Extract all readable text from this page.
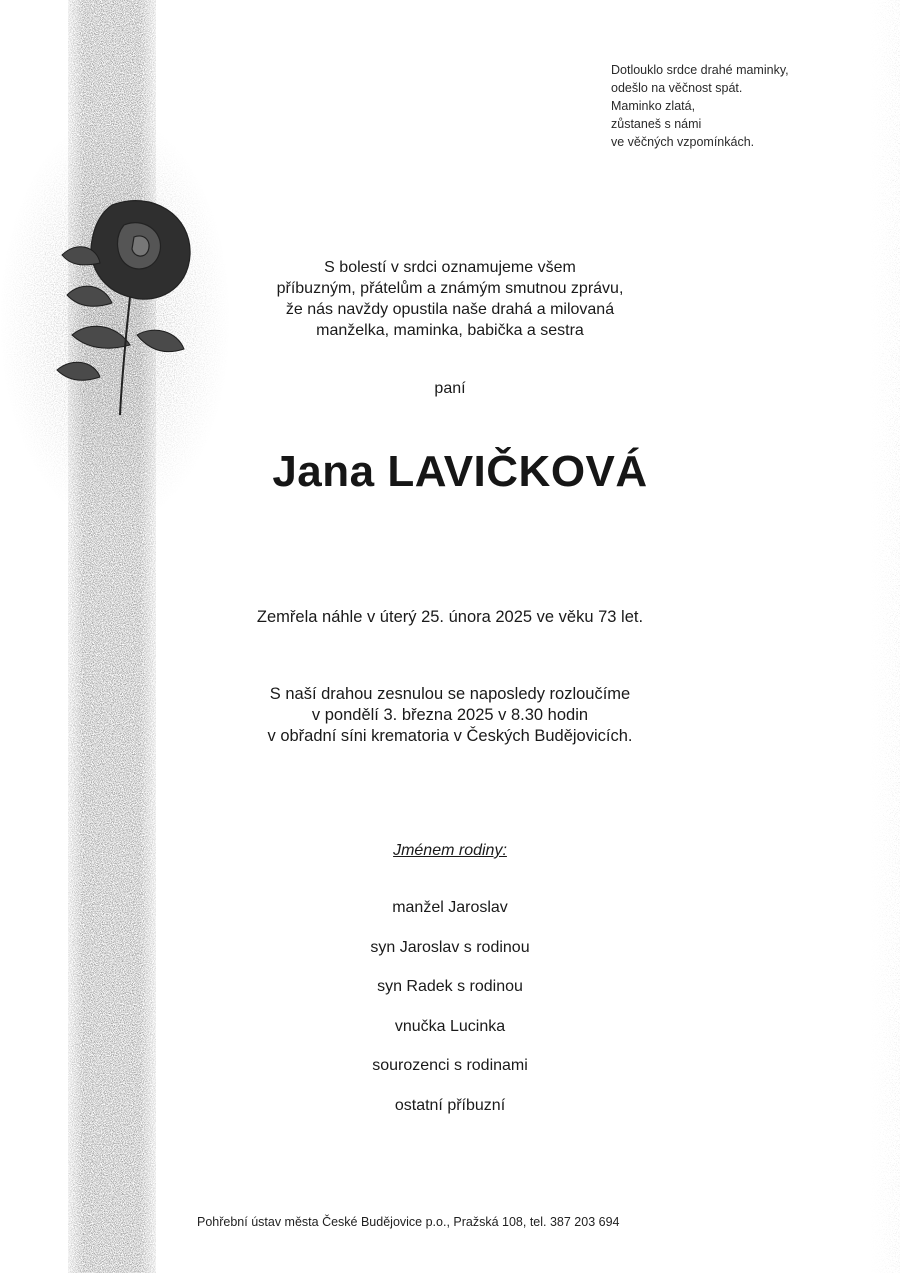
Dotlouklo srdce drahé maminky,
odešlo na věčnost spát.
Maminko zlatá,
zůstaneš s námi
ve věčných vzpomínkách.
S bolestí v srdci oznamujeme všem
příbuzným, přátelům a známým smutnou zprávu,
že nás navždy opustila naše drahá a milovaná
manželka, maminka, babička a sestra
paní
Jana LAVIČKOVÁ
Zemřela náhle v úterý 25. února 2025 ve věku 73 let.
S naší drahou zesnulou se naposledy rozloučíme
v pondělí 3. března 2025 v 8.30 hodin
v obřadní síni krematoria v Českých Budějovicích.
Jménem rodiny:
manžel Jaroslav
syn Jaroslav s rodinou
syn Radek s rodinou
vnučka Lucinka
sourozenci s rodinami
ostatní příbuzní
Pohřební ústav města České Budějovice p.o., Pražská 108, tel. 387 203 694
